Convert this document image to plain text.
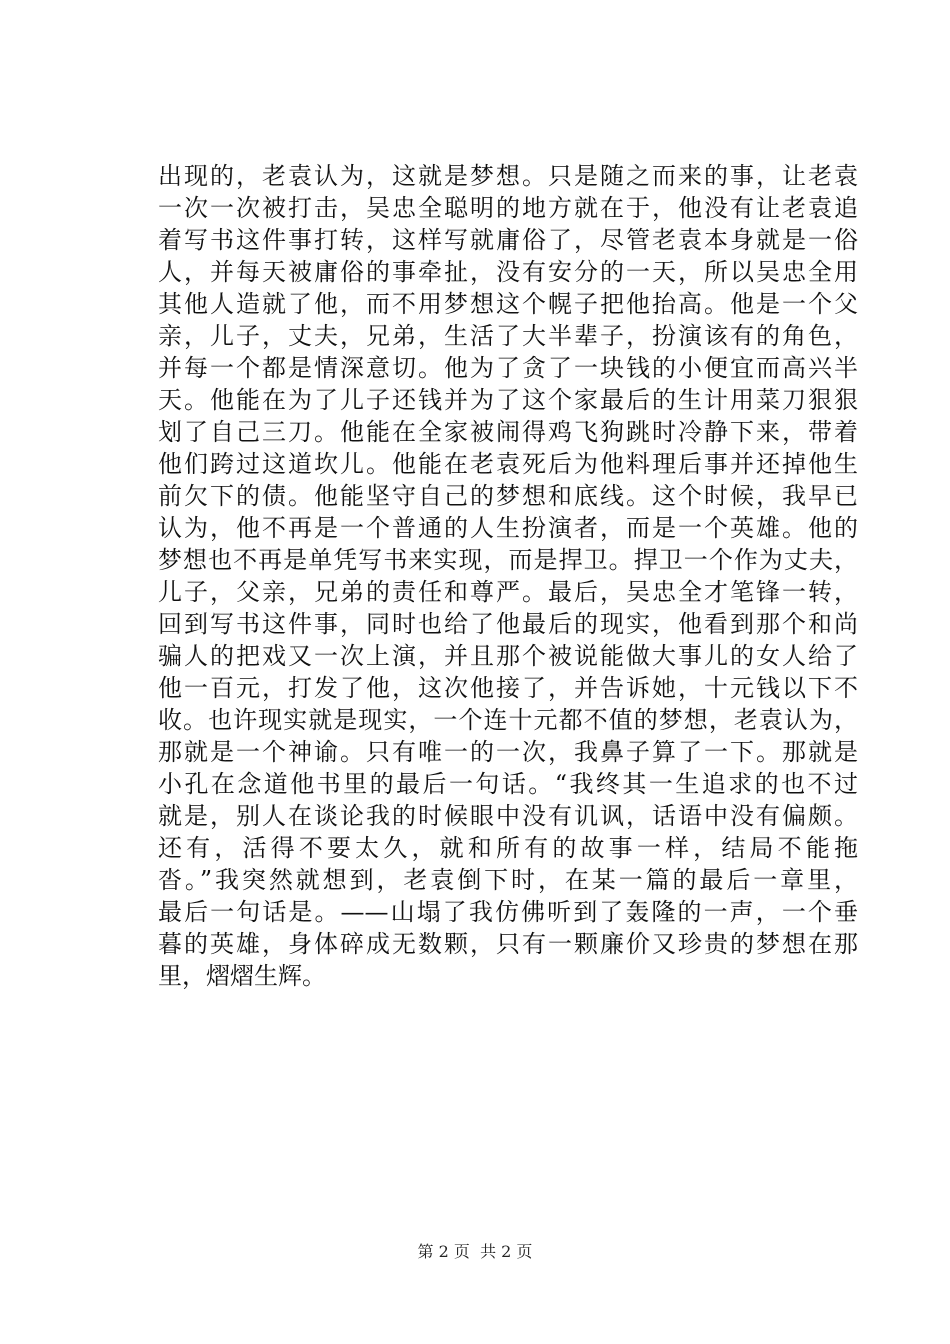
出现的，老袁认为，这就是梦想。只是随之而来的事，让老袁
一次一次被打击，吴忠全聪明的地方就在于，他没有让老袁追
着写书这件事打转，这样写就庸俗了，尽管老袁本身就是一俗
人，并每天被庸俗的事牵扯，没有安分的一天，所以吴忠全用
其他人造就了他，而不用梦想这个幌子把他抬高。他是一个父
亲，儿子，丈夫，兄弟，生活了大半辈子，扮演该有的角色，
并每一个都是情深意切。他为了贪了一块钱的小便宜而高兴半
天。他能在为了儿子还钱并为了这个家最后的生计用菜刀狠狠
划了自己三刀。他能在全家被闹得鸡飞狗跳时冷静下来，带着
他们跨过这道坎儿。他能在老袁死后为他料理后事并还掉他生
前欠下的债。他能坚守自己的梦想和底线。这个时候，我早已
认为，他不再是一个普通的人生扮演者，而是一个英雄。他的
梦想也不再是单凭写书来实现，而是捍卫。捍卫一个作为丈夫，
儿子，父亲，兄弟的责任和尊严。最后，吴忠全才笔锋一转，
回到写书这件事，同时也给了他最后的现实，他看到那个和尚
骗人的把戏又一次上演，并且那个被说能做大事儿的女人给了
他一百元，打发了他，这次他接了，并告诉她，十元钱以下不
收。也许现实就是现实，一个连十元都不值的梦想，老袁认为，
那就是一个神谕。只有唯一的一次，我鼻子算了一下。那就是
小孔在念道他书里的最后一句话。“我终其一生追求的也不过
就是，别人在谈论我的时候眼中没有讥讽，话语中没有偏颇。
还有，活得不要太久，就和所有的故事一样，结局不能拖
沓。”我突然就想到，老袁倒下时，在某一篇的最后一章里，
最后一句话是。——山塌了我仿佛听到了轰隆的一声，一个垂
暮的英雄，身体碎成无数颗，只有一颗廉价又珍贵的梦想在那
里，熠熠生辉。
第 2 页  共 2 页
